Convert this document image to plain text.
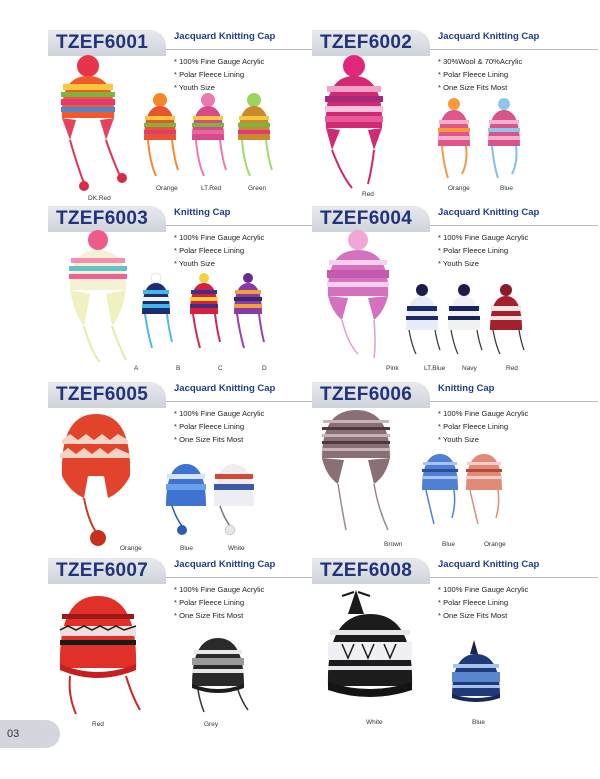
TZEF6001	Jacquard Knitting Cap
* 100% Fine Gauge Acrylic
* Polar Fleece Lining
* Youth Size
DK.Red
Orange	LT.Red	Green
TZEF6002	Jacquard Knitting Cap
* 30%Wool & 70%Acrylic
* Polar Fleece Lining
* One Size Fits Most
Red
Orange	Blue
TZEF6003	Knitting Cap
* 100% Fine Gauge Acrylic
* Polar Fleece Lining
* Youth Size
A	B	C	D
TZEF6004	Jacquard Knitting Cap
* 100% Fine Gauge Acrylic
* Polar Fleece Lining
* Youth Size
Pink	LT.Blue	Navy	Red
TZEF6005	Jacquard Knitting Cap
* 100% Fine Gauge Acrylic
* Polar Fleece Lining
* One Size Fits Most
Orange	Blue	White
TZEF6006	Knitting Cap
* 100% Fine Gauge Acrylic
* Polar Fleece Lining
* Youth Size
Brown	Blue	Orange
TZEF6007	Jacquard Knitting Cap
* 100% Fine Gauge Acrylic
* Polar Fleece Lining
* One Size Fits Most
Red	Grey
TZEF6008	Jacquard Knitting Cap
* 100% Fine Gauge Acrylic
* Polar Fleece Lining
* One Size Fits Most
White	Blue
03
